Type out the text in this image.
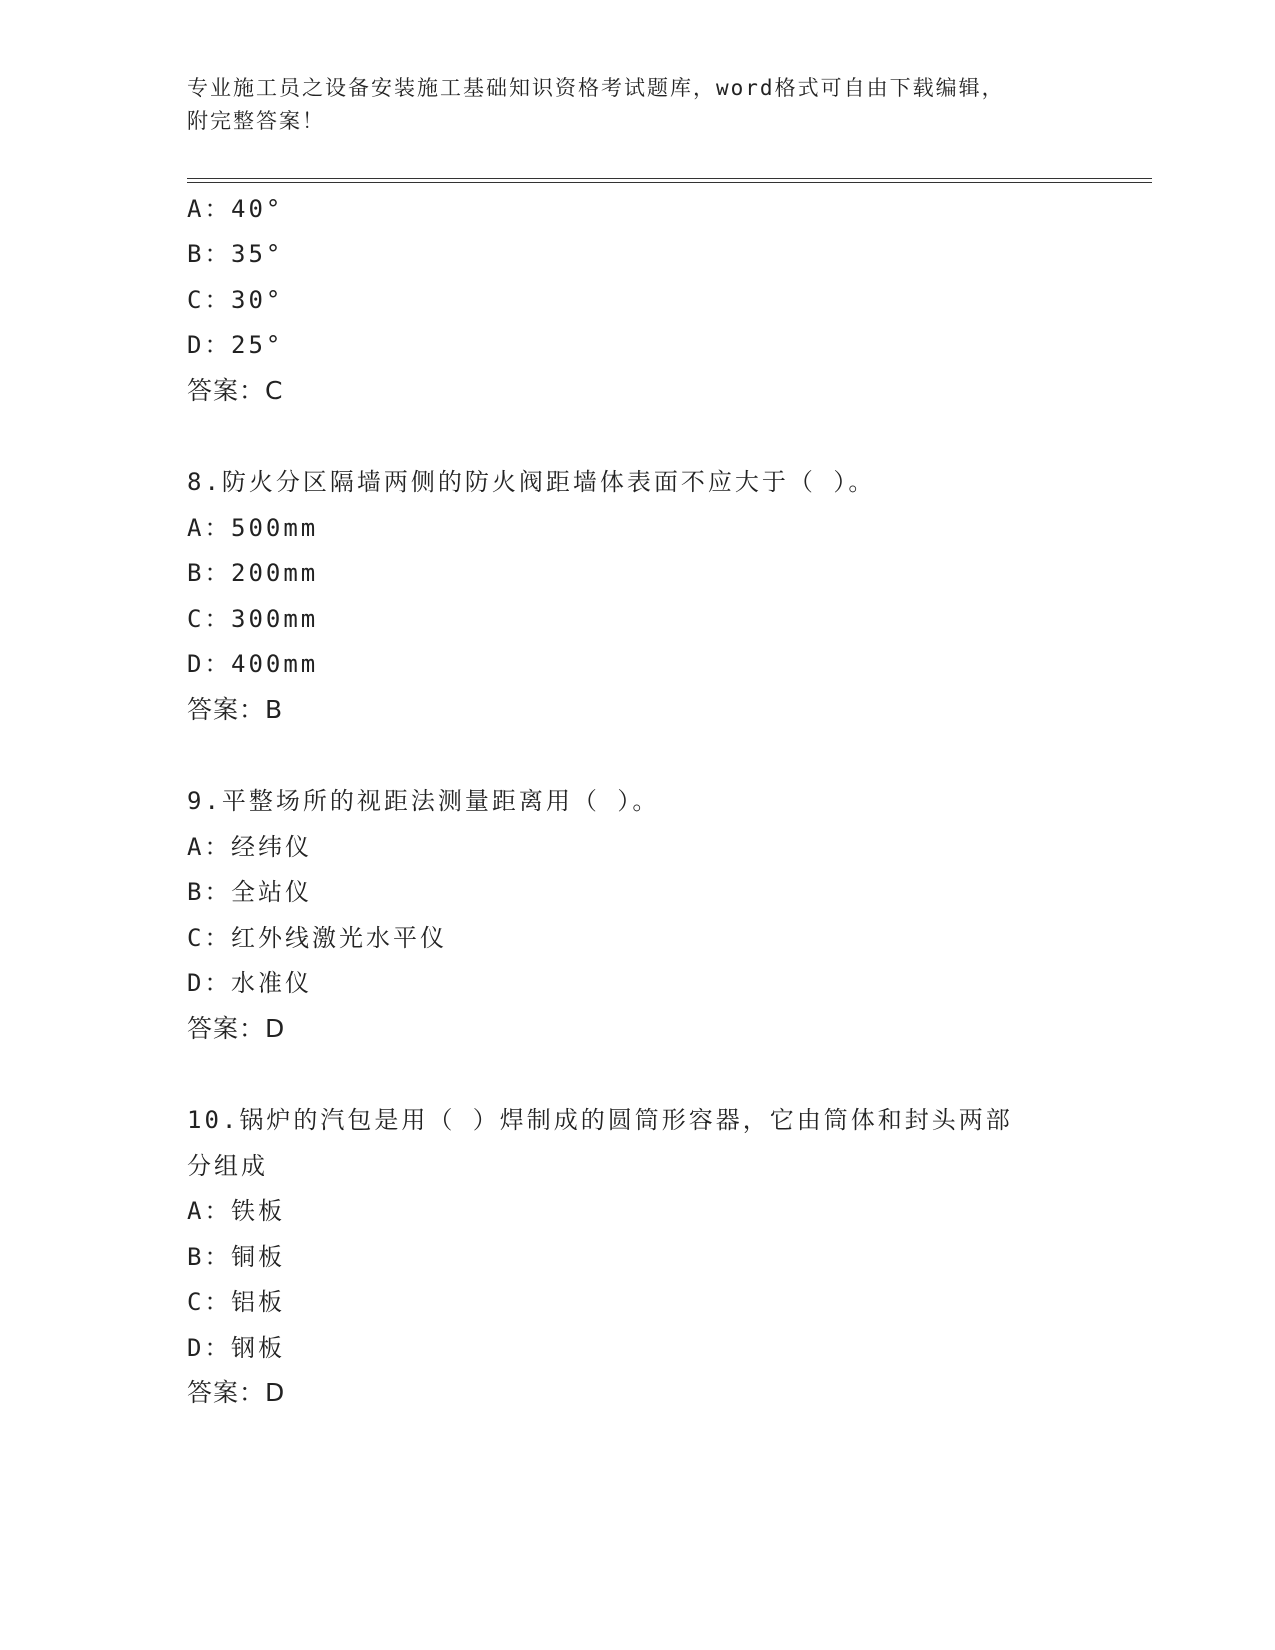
专业施工员之设备安装施工基础知识资格考试题库，word格式可自由下载编辑，
附完整答案！
A：40°
B：35°
C：30°
D：25°
答案：C
8.防火分区隔墙两侧的防火阀距墙体表面不应大于（ ）。
A：500mm
B：200mm
C：300mm
D：400mm
答案：B
9.平整场所的视距法测量距离用（ ）。
A：经纬仪
B：全站仪
C：红外线激光水平仪
D：水准仪
答案：D
10.锅炉的汽包是用（ ）焊制成的圆筒形容器，它由筒体和封头两部
分组成
A：铁板
B：铜板
C：铝板
D：钢板
答案：D
